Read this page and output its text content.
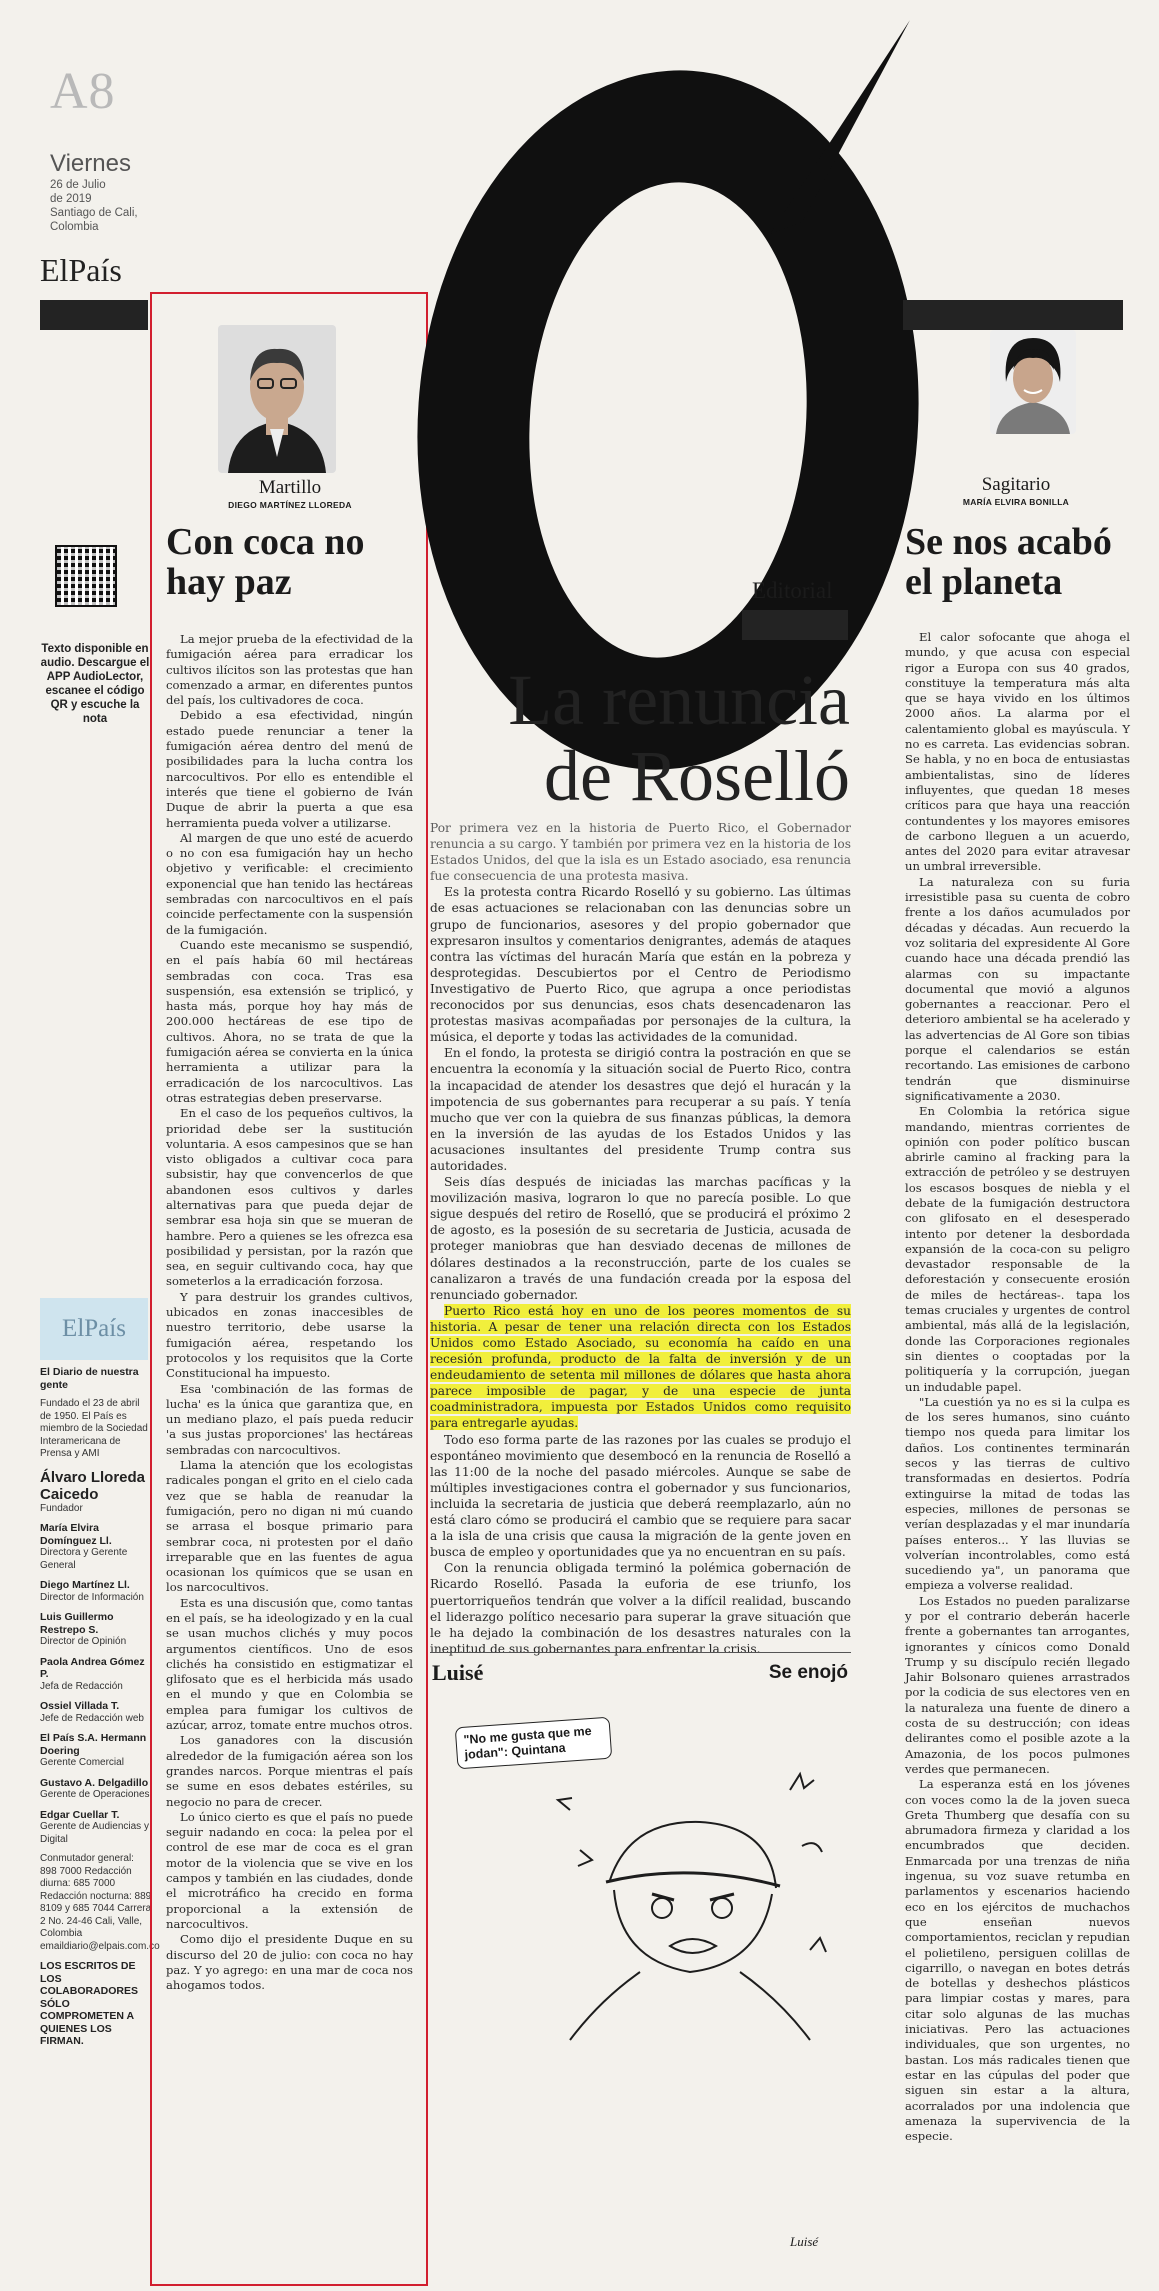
A8
Viernes
26 de Julio
de 2019
Santiago de Cali,
Colombia
ElPaís
Texto disponible en audio. Descargue el APP AudioLector, escanee el código QR y escuche la nota
ElPaís
El Diario de nuestra gente

Fundado el 23 de abril de 1950. El País es miembro de la Sociedad Interamericana de Prensa y AMI

Álvaro Lloreda Caicedo
Fundador

María Elvira Domínguez Ll.
Directora y Gerente General

Diego Martínez Ll.
Director de Información

Luis Guillermo Restrepo S.
Director de Opinión

Paola Andrea Gómez P.
Jefa de Redacción

Ossiel Villada T.
Jefe de Redacción web

El País S.A. Hermann Doering
Gerente Comercial

Gustavo A. Delgadillo
Gerente de Operaciones

Edgar Cuellar T.
Gerente de Audiencias y Digital

Conmutador general: 898 7000 Redacción diurna: 685 7000 Redacción nocturna: 889 8109 y 685 7044 Carrera 2 No. 24-46 Cali, Valle, Colombia emaildiario@elpais.com.co

LOS ESCRITOS DE LOS COLABORADORES SÓLO COMPROMETEN A QUIENES LOS FIRMAN.

Martillo
DIEGO MARTÍNEZ LLOREDA
Con coca no hay paz

La mejor prueba de la efectividad de la fumigación aérea para erradicar los cultivos ilícitos son las protestas que han comenzado a armar, en diferentes puntos del país, los cultivadores de coca.

Debido a esa efectividad, ningún estado puede renunciar a tener la fumigación aérea dentro del menú de posibilidades para la lucha contra los narcocultivos. Por ello es entendible el interés que tiene el gobierno de Iván Duque de abrir la puerta a que esa herramienta pueda volver a utilizarse.

Al margen de que uno esté de acuerdo o no con esa fumigación hay un hecho objetivo y verificable: el crecimiento exponencial que han tenido las hectáreas sembradas con narcocultivos en el país coincide perfectamente con la suspensión de la fumigación.

Cuando este mecanismo se suspendió, en el país había 60 mil hectáreas sembradas con coca. Tras esa suspensión, esa extensión se triplicó, y hasta más, porque hoy hay más de 200.000 hectáreas de ese tipo de cultivos. Ahora, no se trata de que la fumigación aérea se convierta en la única herramienta a utilizar para la erradicación de los narcocultivos. Las otras estrategias deben preservarse.

En el caso de los pequeños cultivos, la prioridad debe ser la sustitución voluntaria. A esos campesinos que se han visto obligados a cultivar coca para subsistir, hay que convencerlos de que abandonen esos cultivos y darles alternativas para que pueda dejar de sembrar esa hoja sin que se mueran de hambre. Pero a quienes se les ofrezca esa posibilidad y persistan, por la razón que sea, en seguir cultivando coca, hay que someterlos a la erradicación forzosa.

Y para destruir los grandes cultivos, ubicados en zonas inaccesibles de nuestro territorio, debe usarse la fumigación aérea, respetando los protocolos y los requisitos que la Corte Constitucional ha impuesto.

Esa 'combinación de las formas de lucha' es la única que garantiza que, en un mediano plazo, el país pueda reducir 'a sus justas proporciones' las hectáreas sembradas con narcocultivos.

Llama la atención que los ecologistas radicales pongan el grito en el cielo cada vez que se habla de reanudar la fumigación, pero no digan ni mú cuando se arrasa el bosque primario para sembrar coca, ni protesten por el daño irreparable que en las fuentes de agua ocasionan los químicos que se usan en los narcocultivos.

Esta es una discusión que, como tantas en el país, se ha ideologizado y en la cual se usan muchos clichés y muy pocos argumentos científicos. Uno de esos clichés ha consistido en estigmatizar el glifosato que es el herbicida más usado en el mundo y que en Colombia se emplea para fumigar los cultivos de azúcar, arroz, tomate entre muchos otros.

Los ganadores con la discusión alrededor de la fumigación aérea son los grandes narcos. Porque mientras el país se sume en esos debates estériles, su negocio no para de crecer.

Lo único cierto es que el país no puede seguir nadando en coca: la pelea por el control de ese mar de coca es el gran motor de la violencia que se vive en los campos y también en las ciudades, donde el microtráfico ha crecido en forma proporcional a la extensión de narcocultivos.

Como dijo el presidente Duque en su discurso del 20 de julio: con coca no hay paz. Y yo agrego: en una mar de coca nos ahogamos todos.

Editorial
La renuncia
de Roselló

Por primera vez en la historia de Puerto Rico, el Gobernador renuncia a su cargo. Y también por primera vez en la historia de los Estados Unidos, del que la isla es un Estado asociado, esa renuncia fue consecuencia de una protesta masiva.

Es la protesta contra Ricardo Roselló y su gobierno. Las últimas de esas actuaciones se relacionaban con las denuncias sobre un grupo de funcionarios, asesores y del propio gobernador que expresaron insultos y comentarios denigrantes, además de ataques contra las víctimas del huracán María que están en la pobreza y desprotegidas. Descubiertos por el Centro de Periodismo Investigativo de Puerto Rico, que agrupa a once periodistas reconocidos por sus denuncias, esos chats desencadenaron las protestas masivas acompañadas por personajes de la cultura, la música, el deporte y todas las actividades de la comunidad.

En el fondo, la protesta se dirigió contra la postración en que se encuentra la economía y la situación social de Puerto Rico, contra la incapacidad de atender los desastres que dejó el huracán y la impotencia de sus gobernantes para recuperar a su país. Y tenía mucho que ver con la quiebra de sus finanzas públicas, la demora en la inversión de las ayudas de los Estados Unidos y las acusaciones insultantes del presidente Trump contra sus autoridades.

Seis días después de iniciadas las marchas pacíficas y la movilización masiva, lograron lo que no parecía posible. Lo que sigue después del retiro de Roselló, que se producirá el próximo 2 de agosto, es la posesión de su secretaria de Justicia, acusada de proteger maniobras que han desviado decenas de millones de dólares destinados a la reconstrucción, parte de los cuales se canalizaron a través de una fundación creada por la esposa del renunciado gobernador.

Puerto Rico está hoy en uno de los peores momentos de su historia. A pesar de tener una relación directa con los Estados Unidos como Estado Asociado, su economía ha caído en una recesión profunda, producto de la falta de inversión y de un endeudamiento de setenta mil millones de dólares que hasta ahora parece imposible de pagar, y de una especie de junta coadministradora, impuesta por Estados Unidos como requisito para entregarle ayudas.

Todo eso forma parte de las razones por las cuales se produjo el espontáneo movimiento que desembocó en la renuncia de Roselló a las 11:00 de la noche del pasado miércoles. Aunque se sabe de múltiples investigaciones contra el gobernador y sus funcionarios, incluida la secretaria de justicia que deberá reemplazarlo, aún no está claro cómo se producirá el cambio que se requiere para sacar a la isla de una crisis que causa la migración de la gente joven en busca de empleo y oportunidades que ya no encuentran en su país.

Con la renuncia obligada terminó la polémica gobernación de Ricardo Roselló. Pasada la euforia de ese triunfo, los puertorriqueños tendrán que volver a la difícil realidad, buscando el liderazgo político necesario para superar la grave situación que le ha dejado la combinación de los desastres naturales con la ineptitud de sus gobernantes para enfrentar la crisis.

Luisé	Se enojó
"No me gusta que me jodan": Quintana
Luisé
Sagitario
MARÍA ELVIRA BONILLA
Se nos acabó el planeta

El calor sofocante que ahoga el mundo, y que acusa con especial rigor a Europa con sus 40 grados, constituye la temperatura más alta que se haya vivido en los últimos 2000 años. La alarma por el calentamiento global es mayúscula. Y no es carreta. Las evidencias sobran. Se habla, y no en boca de entusiastas ambientalistas, sino de líderes influyentes, que quedan 18 meses críticos para que haya una reacción contundentes y los mayores emisores de carbono lleguen a un acuerdo, antes del 2020 para evitar atravesar un umbral irreversible.

La naturaleza con su furia irresistible pasa su cuenta de cobro frente a los daños acumulados por décadas y décadas. Aun recuerdo la voz solitaria del expresidente Al Gore cuando hace una década prendió las alarmas con su impactante documental que movió a algunos gobernantes a reaccionar. Pero el deterioro ambiental se ha acelerado y las advertencias de Al Gore son tibias porque el calendarios se están recortando. Las emisiones de carbono tendrán que disminuirse significativamente a 2030.

En Colombia la retórica sigue mandando, mientras corrientes de opinión con poder político buscan abrirle camino al fracking para la extracción de petróleo y se destruyen los escasos bosques de niebla y el debate de la fumigación destructora con glifosato en el desesperado intento por detener la desbordada expansión de la coca-con su peligro devastador responsable de la deforestación y consecuente erosión de miles de hectáreas-. tapa los temas cruciales y urgentes de control ambiental, más allá de la legislación, donde las Corporaciones regionales sin dientes o cooptadas por la politiquería y la corrupción, juegan un indudable papel.

"La cuestión ya no es si la culpa es de los seres humanos, sino cuánto tiempo nos queda para limitar los daños. Los continentes terminarán secos y las tierras de cultivo transformadas en desiertos. Podría extinguirse la mitad de todas las especies, millones de personas se verían desplazadas y el mar inundaría países enteros... Y las lluvias se volverían incontrolables, como está sucediendo ya", un panorama que empieza a volverse realidad.

Los Estados no pueden paralizarse y por el contrario deberán hacerle frente a gobernantes tan arrogantes, ignorantes y cínicos como Donald Trump y su discípulo recién llegado Jahir Bolsonaro quienes arrastrados por la codicia de sus electores ven en la naturaleza una fuente de dinero a costa de su destrucción; con ideas delirantes como el posible azote a la Amazonia, de los pocos pulmones verdes que permanecen.

La esperanza está en los jóvenes con voces como la de la joven sueca Greta Thumberg que desafía con su abrumadora firmeza y claridad a los encumbrados que deciden. Enmarcada por una trenzas de niña ingenua, su voz suave retumba en parlamentos y escenarios haciendo eco en los ejércitos de muchachos que enseñan nuevos comportamientos, reciclan y repudian el polietileno, persiguen colillas de cigarrillo, o navegan en botes detrás de botellas y deshechos plásticos para limpiar costas y mares, para citar solo algunas de las muchas iniciativas. Pero las actuaciones individuales, que son urgentes, no bastan. Los más radicales tienen que estar en las cúpulas del poder que siguen sin estar a la altura, acorralados por una indolencia que amenaza la supervivencia de la especie.
